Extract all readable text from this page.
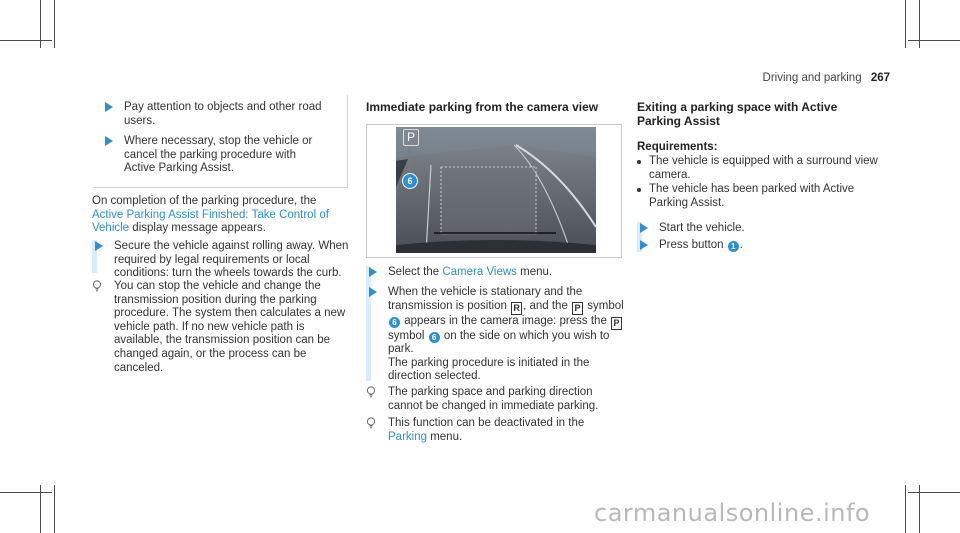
Driving and parking 267
Pay attention to objects and other road users.
Where necessary, stop the vehicle or cancel the parking procedure with Active Parking Assist.
On completion of the parking procedure, the Active Parking Assist Finished: Take Control of Vehicle display message appears.
Secure the vehicle against rolling away. When required by legal requirements or local conditions: turn the wheels towards the curb.
You can stop the vehicle and change the transmission position during the parking procedure. The system then calculates a new vehicle path. If no new vehicle path is available, the transmission position can be changed again, or the process can be canceled.
Immediate parking from the camera view
P
6
Select the Camera Views menu.
When the vehicle is stationary and the transmission is position R , and the P symbol 6 appears in the camera image: press the P symbol 6 on the side on which you wish to park.
The parking procedure is initiated in the direction selected.
The parking space and parking direction cannot be changed in immediate parking.
This function can be deactivated in the Parking menu.
Exiting a parking space with Active Parking Assist
Requirements:
The vehicle is equipped with a surround view camera.
The vehicle has been parked with Active Parking Assist.
Start the vehicle.
Press button 1 .
carmanualsonline.info
